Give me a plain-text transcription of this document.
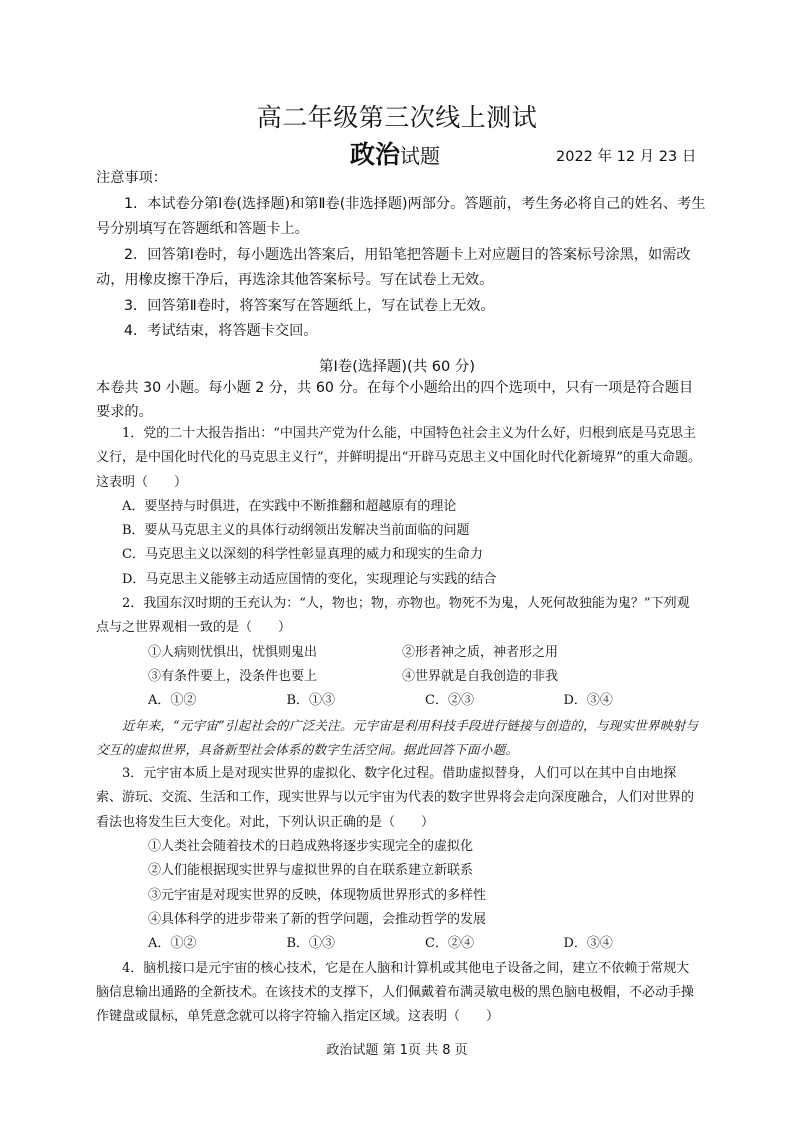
高二年级第三次线上测试
政治试题	2022 年 12 月 23 日

注意事项：

1．本试卷分第Ⅰ卷(选择题)和第Ⅱ卷(非选择题)两部分。答题前，考生务必将自己的姓名、考生号分别填写在答题纸和答题卡上。

2．回答第Ⅰ卷时，每小题选出答案后，用铅笔把答题卡上对应题目的答案标号涂黑，如需改动，用橡皮擦干净后，再选涂其他答案标号。写在试卷上无效。

3．回答第Ⅱ卷时，将答案写在答题纸上，写在试卷上无效。

4．考试结束，将答题卡交回。

第Ⅰ卷(选择题)(共 60 分)
本卷共 30 小题。每小题 2 分，共 60 分。在每个小题给出的四个选项中，只有一项是符合题目要求的。

1．党的二十大报告指出：“中国共产党为什么能，中国特色社会主义为什么好，归根到底是马克思主义行，是中国化时代化的马克思主义行”，并鲜明提出“开辟马克思主义中国化时代化新境界”的重大命题。这表明（　　）

A．要坚持与时俱进，在实践中不断推翻和超越原有的理论

B．要从马克思主义的具体行动纲领出发解决当前面临的问题

C．马克思主义以深刻的科学性彰显真理的威力和现实的生命力

D．马克思主义能够主动适应国情的变化，实现理论与实践的结合

2．我国东汉时期的王充认为：“人，物也；物，亦物也。物死不为鬼，人死何故独能为鬼？”下列观点与之世界观相一致的是（　　）

①人病则忧惧出，忧惧则鬼出	②形者神之质，神者形之用
③有条件要上，没条件也要上	④世界就是自我创造的非我
A．①②	B．①③	C．②③	D．③④

近年来，“元宇宙”引起社会的广泛关注。元宇宙是利用科技手段进行链接与创造的，与现实世界映射与交互的虚拟世界，具备新型社会体系的数字生活空间。据此回答下面小题。

3．元宇宙本质上是对现实世界的虚拟化、数字化过程。借助虚拟替身，人们可以在其中自由地探索、游玩、交流、生活和工作，现实世界与以元宇宙为代表的数字世界将会走向深度融合，人们对世界的看法也将发生巨大变化。对此，下列认识正确的是（　　）

①人类社会随着技术的日趋成熟将逐步实现完全的虚拟化

②人们能根据现实世界与虚拟世界的自在联系建立新联系

③元宇宙是对现实世界的反映，体现物质世界形式的多样性

④具体科学的进步带来了新的哲学问题，会推动哲学的发展

A．①②	B．①③	C．②④	D．③④

4．脑机接口是元宇宙的核心技术，它是在人脑和计算机或其他电子设备之间，建立不依赖于常规大脑信息输出通路的全新技术。在该技术的支撑下，人们佩戴着布满灵敏电极的黑色脑电极帽，不必动手操作键盘或鼠标，单凭意念就可以将字符输入指定区域。这表明（　　）

政治试题 第 1页 共 8 页
